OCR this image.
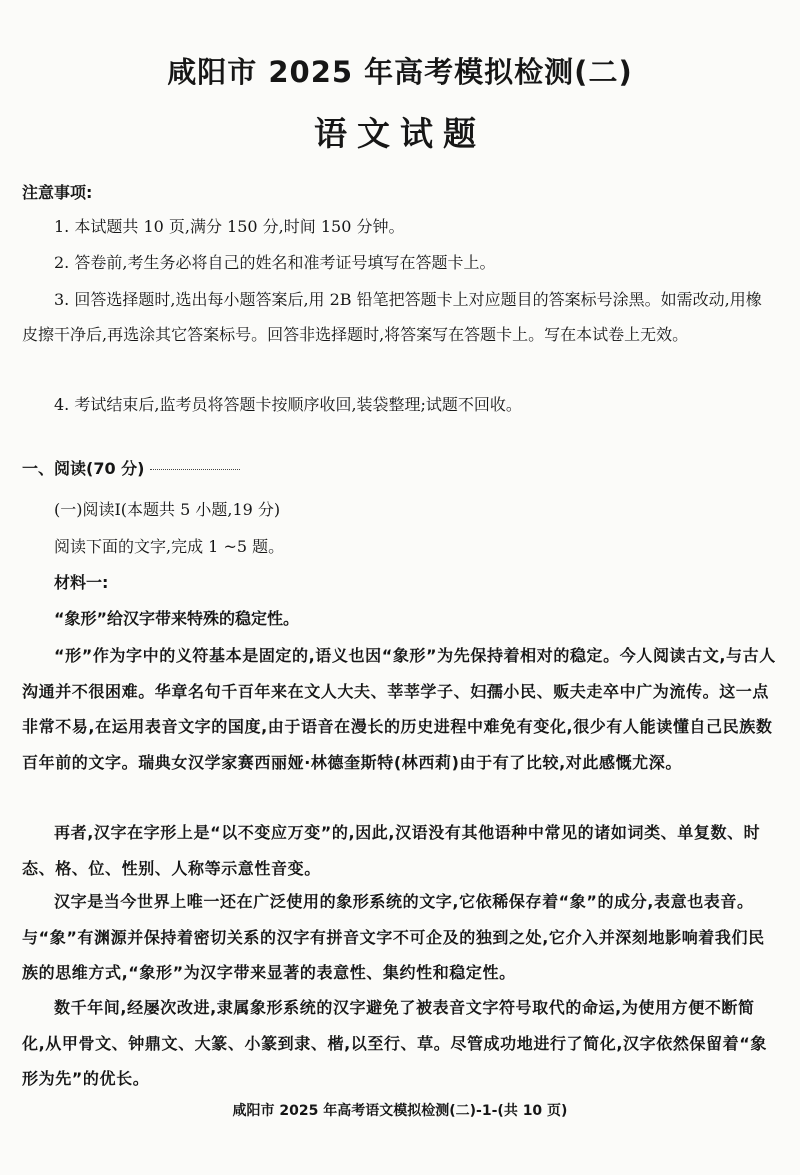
咸阳市 2025 年高考模拟检测(二)
语文试题
注意事项:
1. 本试题共 10 页,满分 150 分,时间 150 分钟。
2. 答卷前,考生务必将自己的姓名和准考证号填写在答题卡上。
3. 回答选择题时,选出每小题答案后,用 2B 铅笔把答题卡上对应题目的答案标号涂黑。如需改动,用橡皮擦干净后,再选涂其它答案标号。回答非选择题时,将答案写在答题卡上。写在本试卷上无效。
4. 考试结束后,监考员将答题卡按顺序收回,装袋整理;试题不回收。
一、阅读(70 分)
(一)阅读Ⅰ(本题共 5 小题,19 分)
阅读下面的文字,完成 1 ~5 题。
材料一:
“象形”给汉字带来特殊的稳定性。
“形”作为字中的义符基本是固定的,语义也因“象形”为先保持着相对的稳定。今人阅读古文,与古人沟通并不很困难。华章名句千百年来在文人大夫、莘莘学子、妇孺小民、贩夫走卒中广为流传。这一点非常不易,在运用表音文字的国度,由于语音在漫长的历史进程中难免有变化,很少有人能读懂自己民族数百年前的文字。瑞典女汉学家赛西丽娅·林德奎斯特(林西莉)由于有了比较,对此感慨尤深。
再者,汉字在字形上是“以不变应万变”的,因此,汉语没有其他语种中常见的诸如词类、单复数、时态、格、位、性别、人称等示意性音变。
汉字是当今世界上唯一还在广泛使用的象形系统的文字,它依稀保存着“象”的成分,表意也表音。与“象”有渊源并保持着密切关系的汉字有拼音文字不可企及的独到之处,它介入并深刻地影响着我们民族的思维方式,“象形”为汉字带来显著的表意性、集约性和稳定性。
数千年间,经屡次改进,隶属象形系统的汉字避免了被表音文字符号取代的命运,为使用方便不断简化,从甲骨文、钟鼎文、大篆、小篆到隶、楷,以至行、草。尽管成功地进行了简化,汉字依然保留着“象形为先”的优长。
咸阳市 2025 年高考语文模拟检测(二)-1-(共 10 页)
